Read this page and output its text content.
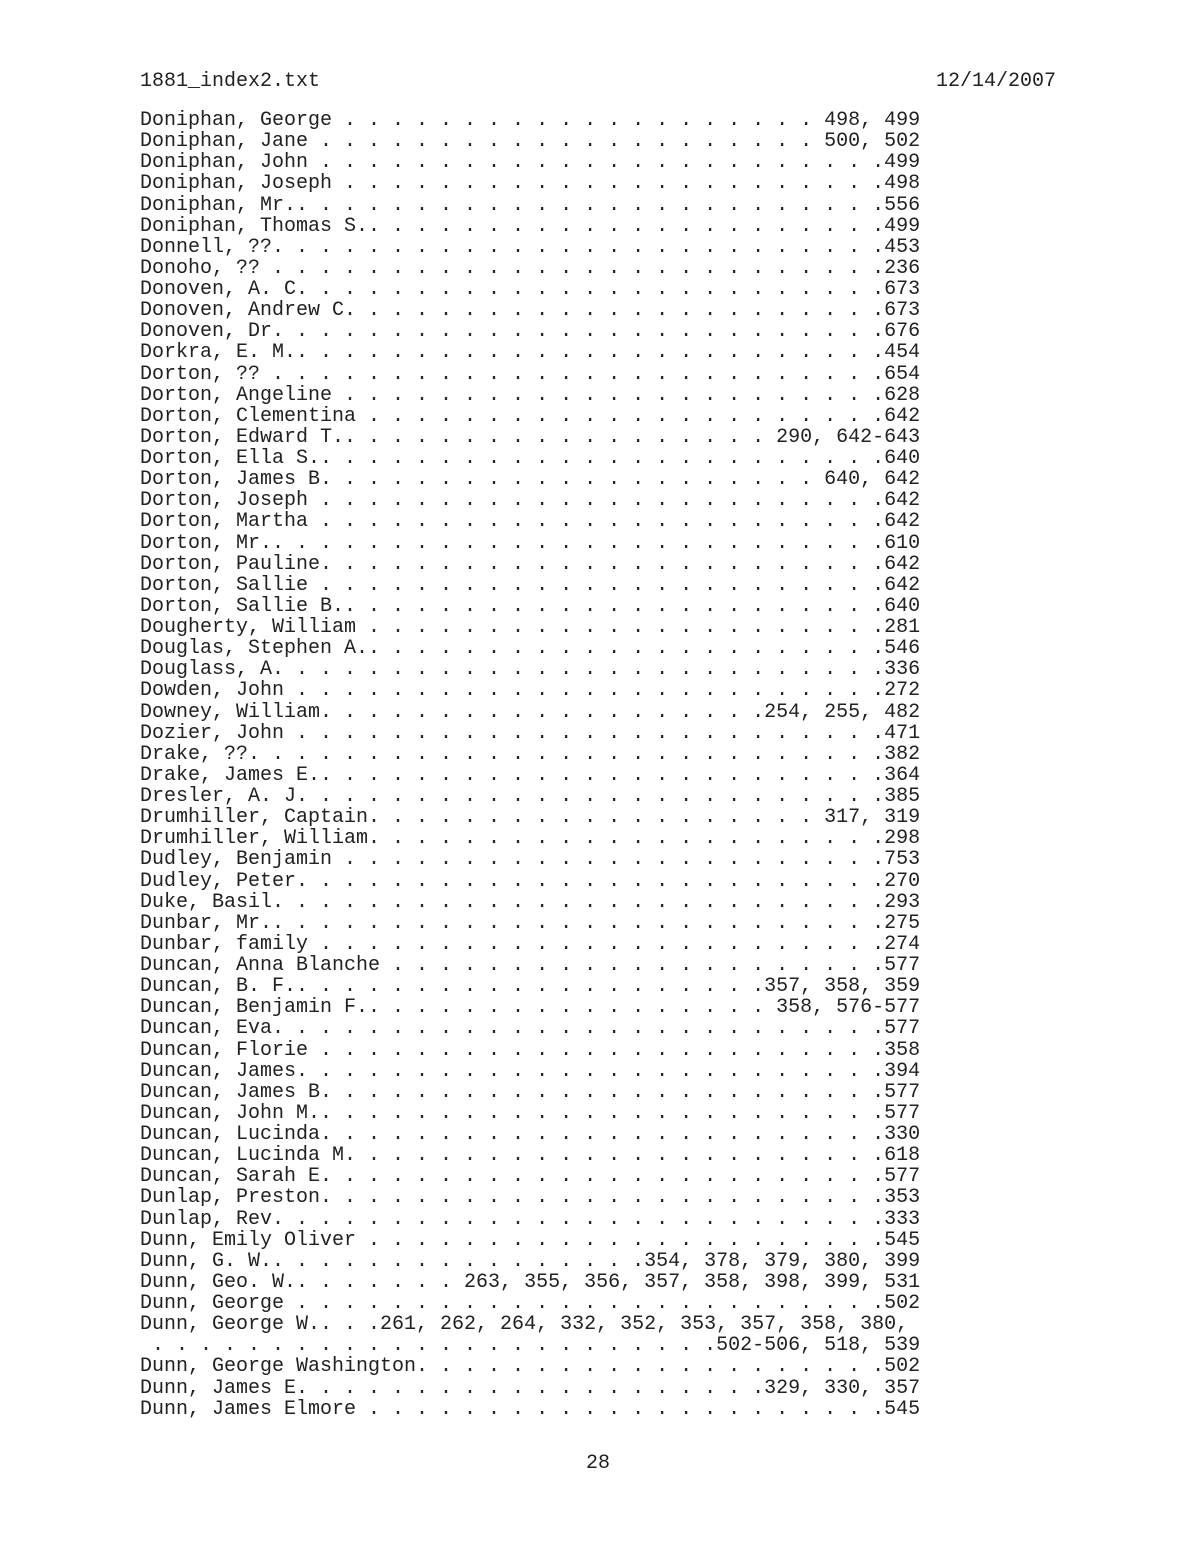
1881_index2.txt	12/14/2007
Doniphan, George . . . . . . . . . . . . . . . . . . . . 498, 499
Doniphan, Jane . . . . . . . . . . . . . . . . . . . . . 500, 502
Doniphan, John . . . . . . . . . . . . . . . . . . . . . . . .499
Doniphan, Joseph . . . . . . . . . . . . . . . . . . . . . . .498
Doniphan, Mr.. . . . . . . . . . . . . . . . . . . . . . . . .556
Doniphan, Thomas S.. . . . . . . . . . . . . . . . . . . . . .499
Donnell, ??. . . . . . . . . . . . . . . . . . . . . . . . . .453
Donoho, ?? . . . . . . . . . . . . . . . . . . . . . . . . . .236
Donoven, A. C. . . . . . . . . . . . . . . . . . . . . . . . .673
Donoven, Andrew C. . . . . . . . . . . . . . . . . . . . . . .673
Donoven, Dr. . . . . . . . . . . . . . . . . . . . . . . . . .676
Dorkra, E. M.. . . . . . . . . . . . . . . . . . . . . . . . .454
Dorton, ?? . . . . . . . . . . . . . . . . . . . . . . . . . .654
Dorton, Angeline . . . . . . . . . . . . . . . . . . . . . . .628
Dorton, Clementina . . . . . . . . . . . . . . . . . . . . . .642
Dorton, Edward T.. . . . . . . . . . . . . . . . . . 290, 642-643
Dorton, Ella S.. . . . . . . . . . . . . . . . . . . . . . . .640
Dorton, James B. . . . . . . . . . . . . . . . . . . . . 640, 642
Dorton, Joseph . . . . . . . . . . . . . . . . . . . . . . . .642
Dorton, Martha . . . . . . . . . . . . . . . . . . . . . . . .642
Dorton, Mr.. . . . . . . . . . . . . . . . . . . . . . . . . .610
Dorton, Pauline. . . . . . . . . . . . . . . . . . . . . . . .642
Dorton, Sallie . . . . . . . . . . . . . . . . . . . . . . . .642
Dorton, Sallie B.. . . . . . . . . . . . . . . . . . . . . . .640
Dougherty, William . . . . . . . . . . . . . . . . . . . . . .281
Douglas, Stephen A.. . . . . . . . . . . . . . . . . . . . . .546
Douglass, A. . . . . . . . . . . . . . . . . . . . . . . . . .336
Dowden, John . . . . . . . . . . . . . . . . . . . . . . . . .272
Downey, William. . . . . . . . . . . . . . . . . . .254, 255, 482
Dozier, John . . . . . . . . . . . . . . . . . . . . . . . . .471
Drake, ??. . . . . . . . . . . . . . . . . . . . . . . . . . .382
Drake, James E.. . . . . . . . . . . . . . . . . . . . . . . .364
Dresler, A. J. . . . . . . . . . . . . . . . . . . . . . . . .385
Drumhiller, Captain. . . . . . . . . . . . . . . . . . . 317, 319
Drumhiller, William. . . . . . . . . . . . . . . . . . . . . .298
Dudley, Benjamin . . . . . . . . . . . . . . . . . . . . . . .753
Dudley, Peter. . . . . . . . . . . . . . . . . . . . . . . . .270
Duke, Basil. . . . . . . . . . . . . . . . . . . . . . . . . .293
Dunbar, Mr.. . . . . . . . . . . . . . . . . . . . . . . . . .275
Dunbar, family . . . . . . . . . . . . . . . . . . . . . . . .274
Duncan, Anna Blanche . . . . . . . . . . . . . . . . . . . . .577
Duncan, B. F.. . . . . . . . . . . . . . . . . . . .357, 358, 359
Duncan, Benjamin F.. . . . . . . . . . . . . . . . . 358, 576-577
Duncan, Eva. . . . . . . . . . . . . . . . . . . . . . . . . .577
Duncan, Florie . . . . . . . . . . . . . . . . . . . . . . . .358
Duncan, James. . . . . . . . . . . . . . . . . . . . . . . . .394
Duncan, James B. . . . . . . . . . . . . . . . . . . . . . . .577
Duncan, John M.. . . . . . . . . . . . . . . . . . . . . . . .577
Duncan, Lucinda. . . . . . . . . . . . . . . . . . . . . . . .330
Duncan, Lucinda M. . . . . . . . . . . . . . . . . . . . . . .618
Duncan, Sarah E. . . . . . . . . . . . . . . . . . . . . . . .577
Dunlap, Preston. . . . . . . . . . . . . . . . . . . . . . . .353
Dunlap, Rev. . . . . . . . . . . . . . . . . . . . . . . . . .333
Dunn, Emily Oliver . . . . . . . . . . . . . . . . . . . . . .545
Dunn, G. W.. . . . . . . . . . . . . . . .354, 378, 379, 380, 399
Dunn, Geo. W.. . . . . . . 263, 355, 356, 357, 358, 398, 399, 531
Dunn, George . . . . . . . . . . . . . . . . . . . . . . . . .502
Dunn, George W.. . .261, 262, 264, 332, 352, 353, 357, 358, 380,
. . . . . . . . . . . . . . . . . . . . . . . .502-506, 518, 539
Dunn, George Washington. . . . . . . . . . . . . . . . . . . .502
Dunn, James E. . . . . . . . . . . . . . . . . . . .329, 330, 357
Dunn, James Elmore . . . . . . . . . . . . . . . . . . . . . .545
28
